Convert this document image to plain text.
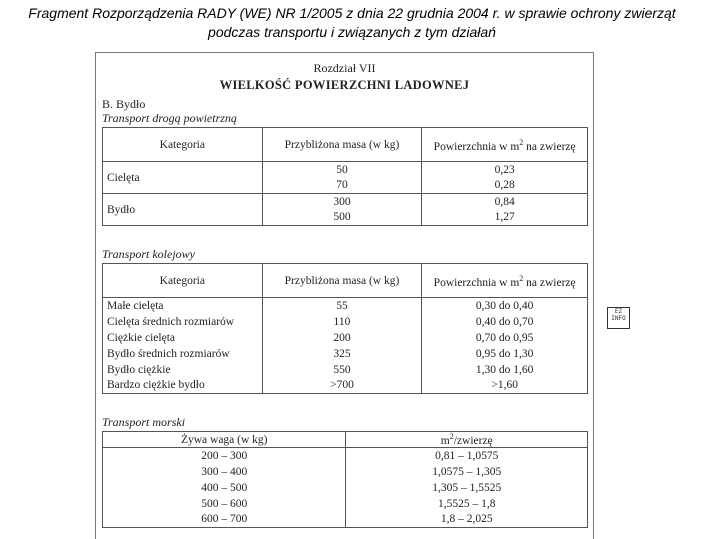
Fragment Rozporządzenia RADY (WE) NR 1/2005 z dnia 22 grudnia 2004 r. w sprawie ochrony zwierząt
podczas transportu i związanych z tym działań
Rozdział VII
WIELKOŚĆ POWIERZCHNI LADOWNEJ
B. Bydło
Transport drogą powietrzną
Kategoria	Przybliżona masa (w kg)	Powierzchnia w $m^2$ na zwierzę
Cielęta	50	0,23
	70	0,28
Bydło	300	0,84
	500	1,27
Transport kolejowy
Kategoria	Przybliżona masa (w kg)	Powierzchnia w $m^2$ na zwierzę
Małe cielęta	55	0,30 do 0,40
Cielęta średnich rozmiarów	110	0,40 do 0,70
Ciężkie cielęta	200	0,70 do 0,95
Bydło średnich rozmiarów	325	0,95 do 1,30
Bydło ciężkie	550	1,30 do 1,60
Bardzo ciężkie bydło	>700	>1,60
Transport morski
Żywa waga (w kg)	$m^2$/zwierzę
200 – 300	0,81 – 1,0575
300 – 400	1,0575 – 1,305
400 – 500	1,305 – 1,5525
500 – 600	1,5525 – 1,8
600 – 700	1,8 – 2,025
EZ
INFO
